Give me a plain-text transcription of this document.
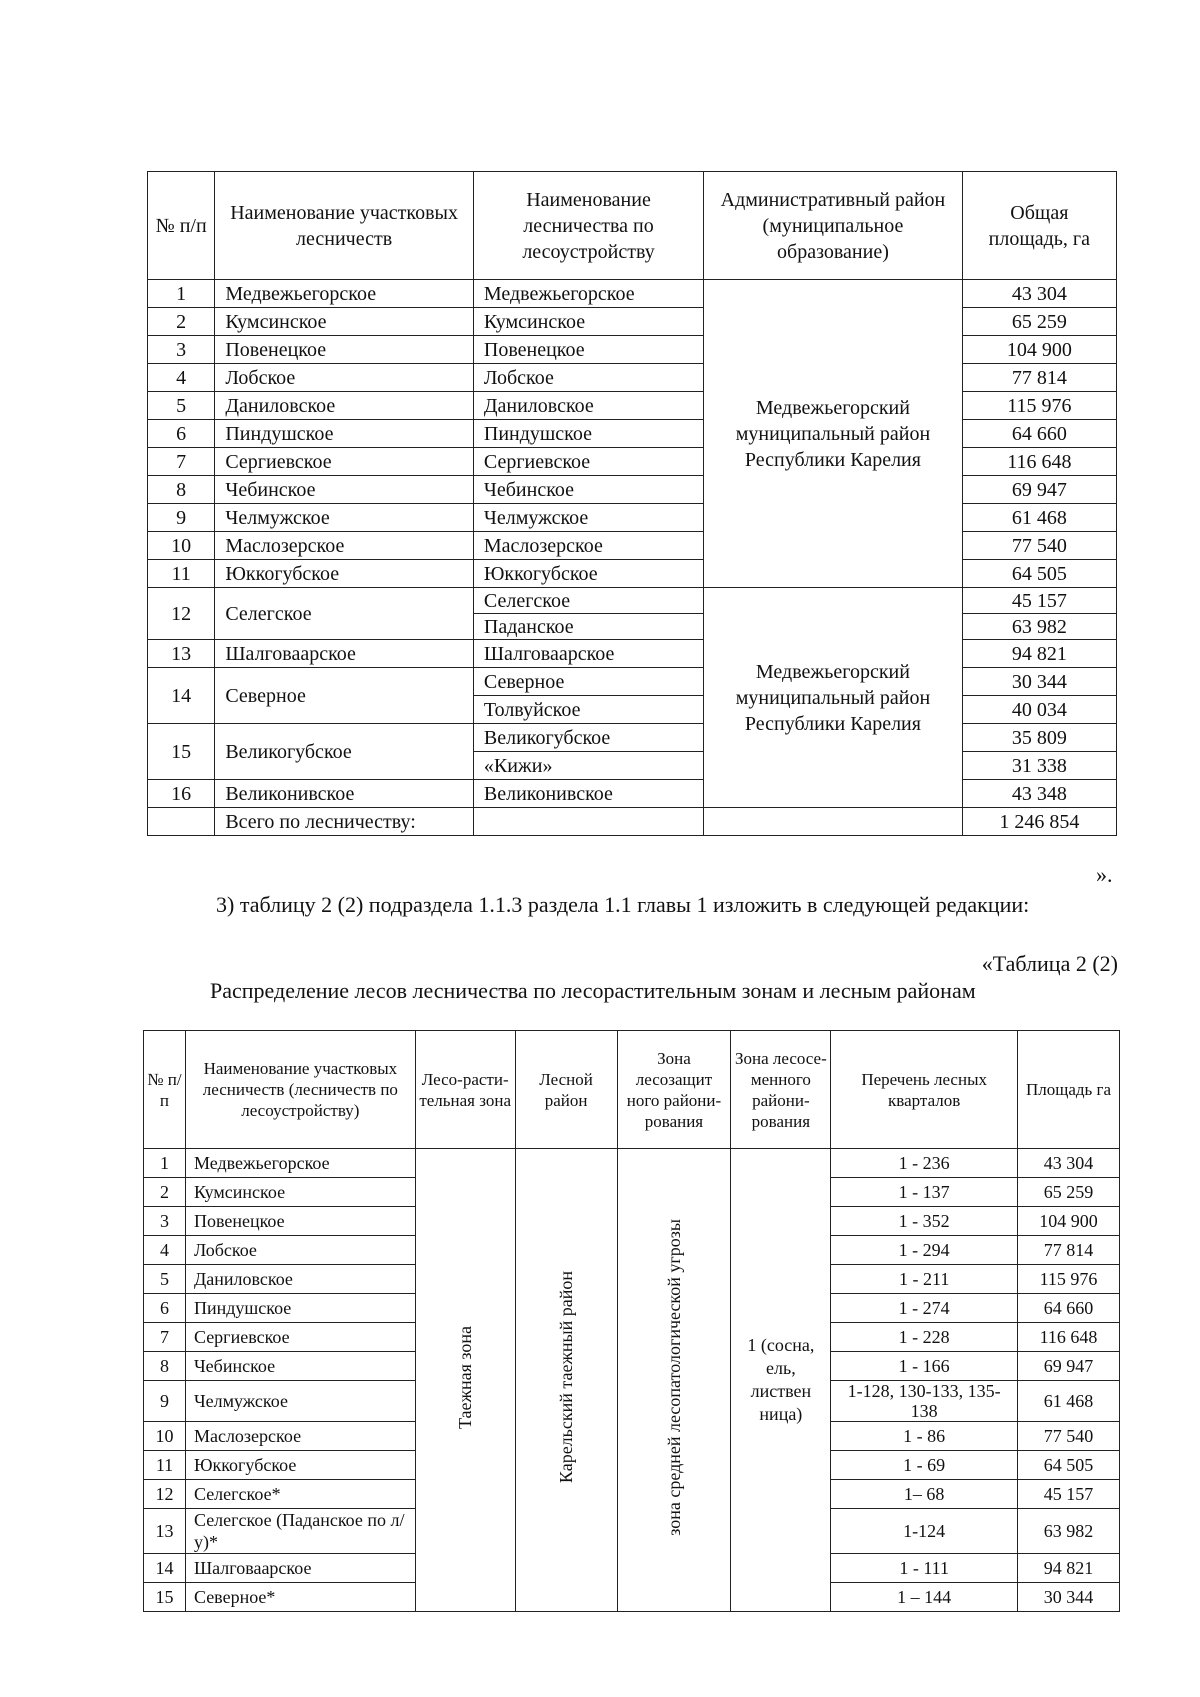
№ п/п	Наименование участковых лесничеств	Наименование лесничества по лесоустройству	Административный район (муниципальное образование)	Общая площадь, га
1	Медвежьегорское	Медвежьегорское	Медвежьегорский муниципальный район Республики Карелия	43 304
2	Кумсинское	Кумсинское		65 259
3	Повенецкое	Повенецкое		104 900
4	Лобское	Лобское		77 814
5	Даниловское	Даниловское		115 976
6	Пиндушское	Пиндушское		64 660
7	Сергиевское	Сергиевское		116 648
8	Чебинское	Чебинское		69 947
9	Челмужское	Челмужское		61 468
10	Маслозерское	Маслозерское		77 540
11	Юккогубское	Юккогубское		64 505
12	Селегское	Селегское	Медвежьегорский муниципальный район Республики Карелия	45 157
		Паданское		63 982
13	Шалговаарское	Шалговаарское		94 821
14	Северное	Северное		30 344
		Толвуйское		40 034
15	Великогубское	Великогубское		35 809
		«Кижи»		31 338
16	Великонивское	Великонивское		43 348
	Всего по лесничеству:			1 246 854
».
3) таблицу 2 (2) подраздела 1.1.3 раздела 1.1 главы 1 изложить в следующей редакции:
«Таблица 2 (2)
Распределение лесов лесничества по лесорастительным зонам и лесным районам
№ п/п	Наименование участковых лесничеств (лесничеств по лесоустройству)	Лесо-расти-тельная зона	Лесной район	Зона лесозащит ного райони-рования	Зона лесосе-менного райони-рования	Перечень лесных кварталов	Площадь га
1	Медвежьегорское	Таежная зона	Карельский таежный район	зона средней лесопатологической угрозы	1 (сосна, ель, листвен ница)	1 - 236	43 304
2	Кумсинское					1 - 137	65 259
3	Повенецкое					1 - 352	104 900
4	Лобское					1 - 294	77 814
5	Даниловское					1 - 211	115 976
6	Пиндушское					1 - 274	64 660
7	Сергиевское					1 - 228	116 648
8	Чебинское					1 - 166	69 947
9	Челмужское					1-128, 130-133, 135-138	61 468
10	Маслозерское					1 - 86	77 540
11	Юккогубское					1 - 69	64 505
12	Селегское*					1– 68	45 157
13	Селегское (Паданское по л/у)*					1-124	63 982
14	Шалговаарское					1 - 111	94 821
15	Северное*					1 – 144	30 344
